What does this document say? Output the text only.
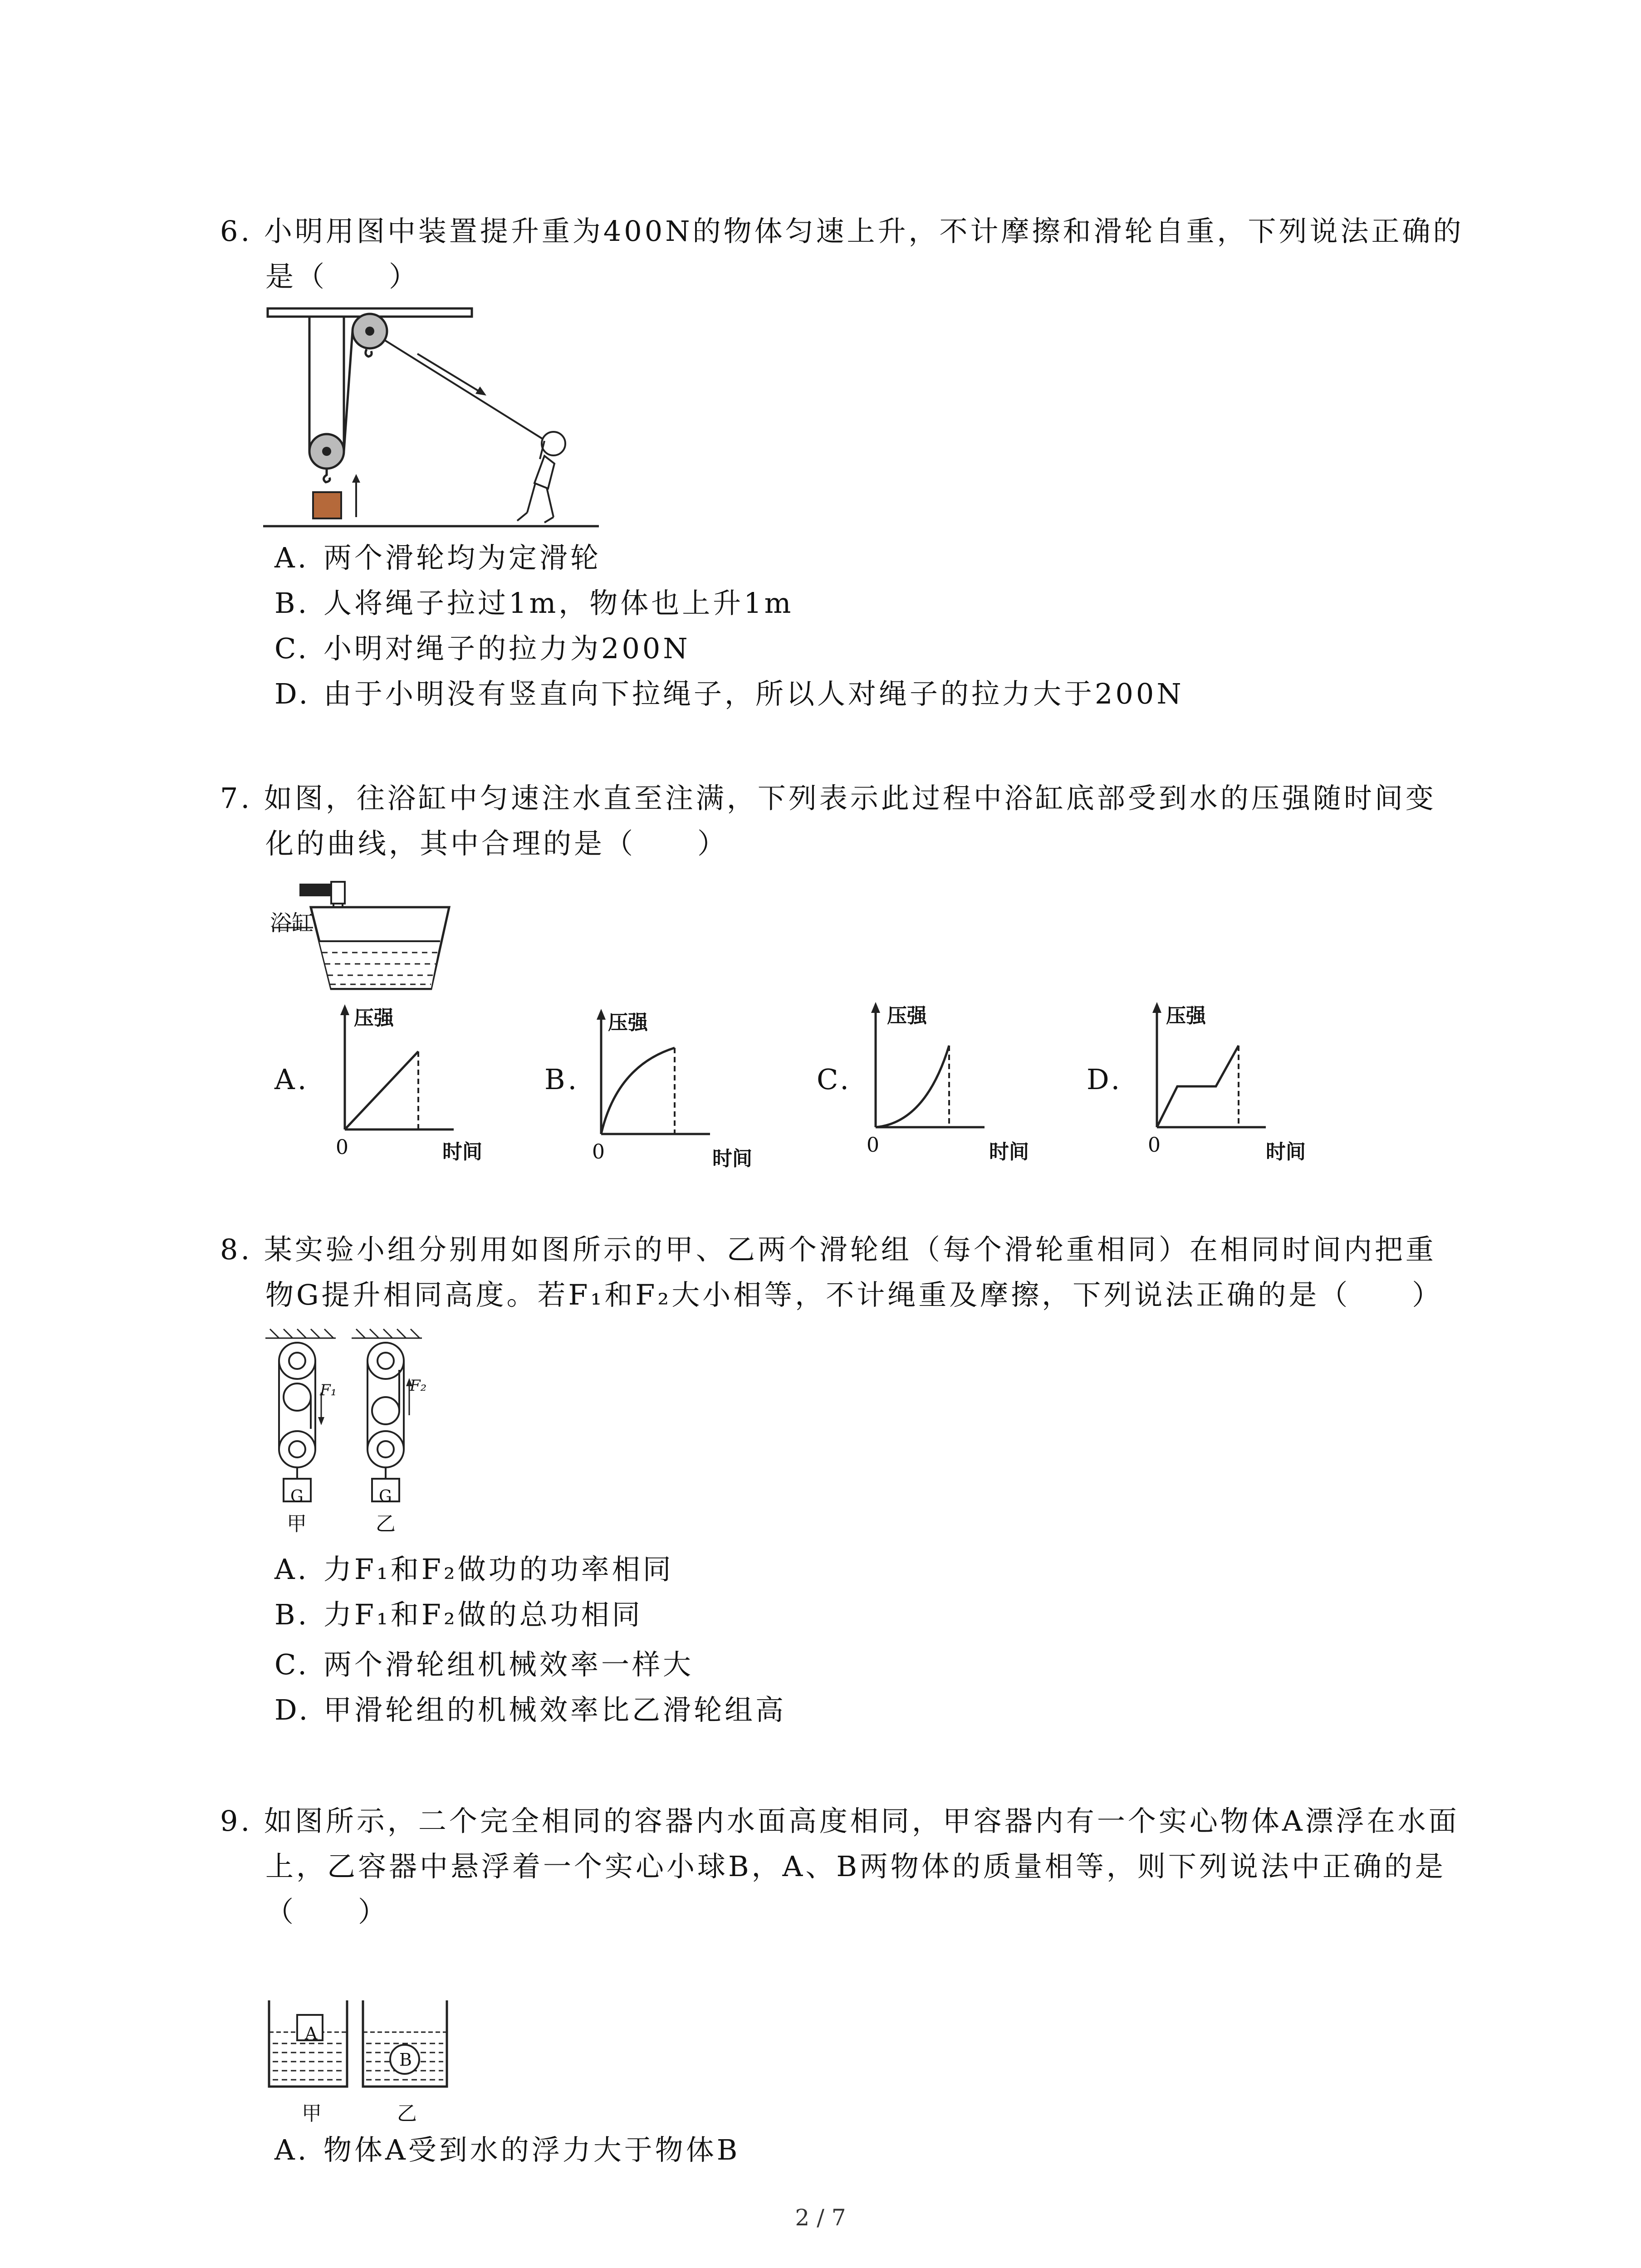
6. 小明用图中装置提升重为400N的物体匀速上升，不计摩擦和滑轮自重，下列说法正确的
是（　　）
A. 两个滑轮均为定滑轮
B. 人将绳子拉过1m，物体也上升1m
C. 小明对绳子的拉力为200N
D. 由于小明没有竖直向下拉绳子，所以人对绳子的拉力大于200N
7. 如图，往浴缸中匀速注水直至注满，下列表示此过程中浴缸底部受到水的压强随时间变
化的曲线，其中合理的是（　　）
浴缸
A.
压强
0	时间
B.
压强
0	时间
C.
压强
0	时间
D.
压强
0	时间
8. 某实验小组分别用如图所示的甲、乙两个滑轮组（每个滑轮重相同）在相同时间内把重
物G提升相同高度。若F₁和F₂大小相等，不计绳重及摩擦，下列说法正确的是（　　）
F₁	F₂
G	G
甲	乙
A. 力F₁和F₂做功的功率相同
B. 力F₁和F₂做的总功相同
C. 两个滑轮组机械效率一样大
D. 甲滑轮组的机械效率比乙滑轮组高
9. 如图所示，二个完全相同的容器内水面高度相同，甲容器内有一个实心物体A漂浮在水面
上，乙容器中悬浮着一个实心小球B，A、B两物体的质量相等，则下列说法中正确的是
（　　）
A
B
甲	乙
A. 物体A受到水的浮力大于物体B
2 / 7
